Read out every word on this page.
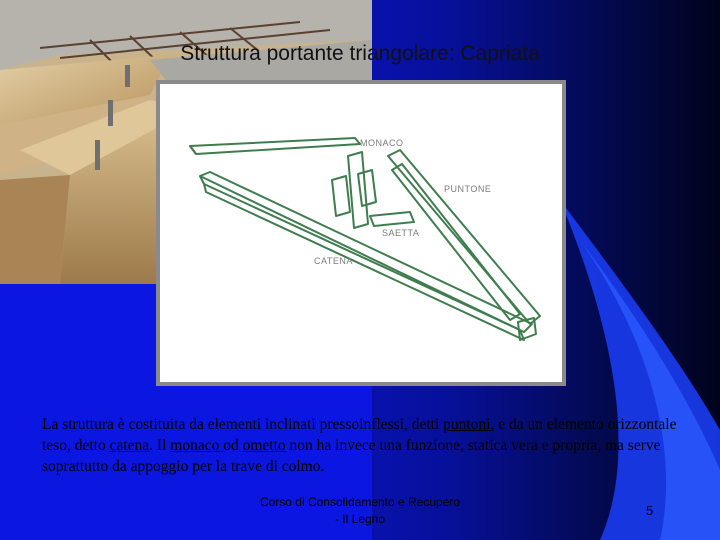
Struttura portante triangolare: Capriata
MONACO
PUNTONE
SAETTA
CATENA
La struttura è costituita da elementi inclinati pressoinflessi, detti puntoni, e da un elemento orizzontale teso, detto catena. Il monaco od ometto non ha invece una funzione, statica vera e propria, ma serve soprattutto da appoggio per la trave di colmo.
Corso di Consolidamento e Recupero
- Il Legno
5
